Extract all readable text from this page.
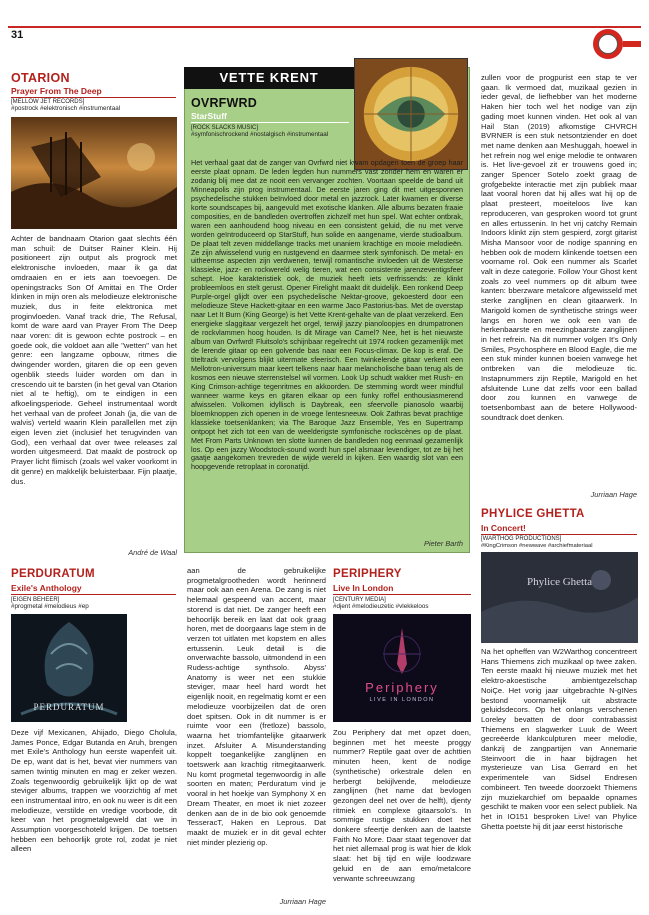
31
OTARION
Prayer From The Deep
[MELLOW JET RECORDS]
#postrock #elektronisch #instrumentaal
Achter de bandnaam Otarion gaat slechts één man schuil: de Duitser Rainer Klein. Hij positioneert zijn output als progrock met elektronische invloeden, maar ik ga dat omdraaien en er iets aan toevoegen. De openingstracks Son Of Amittai en The Order klinken in mijn oren als melodieuze elektronische muziek, dus in feite elektronica met proginvloeden. Vanaf track drie, The Refusal, komt de ware aard van Prayer From The Deep naar voren: dit is gewoon echte postrock – en goede ook, die voldoet aan alle "wetten" van het genre: een langzame opbouw, ritmes die dwingender worden, gitaren die op een geven ogenblik steeds luider worden om dan in crescendo uit te barsten (in het geval van Otarion niet al te heftig), om te eindigen in een afkoelingsperiode. Geheel instrumentaal wordt het verhaal van de profeet Jonah (ja, die van de walvis) verteld waarin Klein parallellen met zijn eigen leven ziet (inclusief het terugvinden van God), een verhaal dat over twee releases zal worden uitgesmeerd. Dat maakt de postrock op Prayer licht flimisch (zoals wel vaker voorkomt in dit genre) en makkelijk beluisterbaar. Fijn plaatje, dus.
André de Waal
VETTE KRENT
OVRFWRD
StarStuff
[ROCK SLACKS MUSIC]
#symfonischrockend #nostalgisch #instrumentaal
Het verhaal gaat dat de zanger van Ovrfwrd niet kwam opdagen toen de groep haar eerste plaat opnam. De leden legden hun nummers vast zonder hem en waren er zodanig blij mee dat ze nooit een vervanger zochten. Voortaan speelde de band uit Minneapolis zijn prog instrumentaal. De eerste jaren ging dit met uitgesponnen psychedelische stukken beïnvloed door metal en jazzrock. Later kwamen er diverse korte soundscapes bij, aangevuld met exotische klanken. Alle albums bezaten fraaie composities, en de bandleden overtroffen zichzelf met hun spel. Wat echter ontbrak, waren een aanhoudend hoog niveau en een consistent geluid, die nu met verve worden geïntroduceerd op StarStuff, hun solide en aangename, vierde studioalbum. De plaat telt zeven middellange tracks met unaniem krachtige en mooie melodieën. Ze zijn afwisselend vurig en rustgevend en daarmee sterk symfonisch. De metal- en uitheemse aspecten zijn verdwenen, terwijl romantische invloeden uit de Westerse klassieke, jazz- en rockwereld welig tieren, wat een consistente jarenzeventigsfeer schept. Hoe karakteristiek ook, de muziek heeft iets verfrissends: ze klinkt probleemloos en stelt gerust. Opener Firelight maakt dit duidelijk. Een ronkend Deep Purple-orgel glijdt over een psychedelische Nektar-groove, gekoesterd door een melodieuze Steve Hackett-gitaar en een warme Jaco Pastorius-bas. Met de overstap naar Let It Burn (King George) is het Vette Krent-gehalte van de plaat verzekerd. Een energieke slaggitaar vergezelt het orgel, terwijl jazzy pianoloopjes en drumpatronen de rockvlammen hoog houden. Is dit Mirage van Camel? Nee, het is het nieuwste album van Ovrfwrd! Fluitsolo's schijnbaar regelrecht uit 1974 rocken gezamenlijk met de lerende gitaar op een golvende bas naar een Focus-climax. De kop is eraf. De titeltrack vervolgens blijkt uitermate sfeerisch. Een twinkelende gitaar verkent een Mellotron-universum maar keert telkens naar haar melancholische baan terug als de kosmos een nieuwe sterrenstelsel wil vormen. Look Up schudt wakker met Rush- en King Crimson-achtige tegenritmes en akkoorden. De stemming wordt weer mindful wanneer warme keys en gitaren elkaar op een funky roffel enthousiasmerend afwisselen. Volkomen idyllisch is Daybreak, een sfeervolle pianosolo waarbij bloemknoppen zich openen in de vroege lentesneeuw. Ook Zathras bevat prachtige klassieke toetsenklanken; via The Baroque Jazz Ensemble, Yes en Supertramp ontpopt het zich tot een van de weelderigste symfonische rockscènes op de plaat. Met From Parts Unknown ten slotte kunnen de bandleden nog eenmaal gezamenlijk los. Op een jazzy Woodstock-sound wordt hun spel alsmaar levendiger, tot ze bij het gaatje aangekomen trevreden de wijde wereld in kijken. Een waardig slot van een hoopgevende retroplaat in coronatijd.
Pieter Barth
zullen voor de progpurist een stap te ver gaan. Ik vermoed dat, muzikaal gezien in ieder geval, de liefhebber van het moderne Haken hier toch wel het nodige van zijn gading moet kunnen vinden. Het ook al van Hail Stan (2019) afkomstige CHVRCH BVRNER is een stuk netsontziender en doet met name denken aan Meshuggah, hoewel in het refrein nog wel enige melodie te ontwaren is. Het live-gevoel zit er trouwens goed in; zanger Spencer Sotelo zoekt graag de grofgebekte interactie met zijn publiek maar laat vooral horen dat hij alles wat hij op de plaat presteert, moeiteloos live kan reproduceren, van gesproken woord tot grunt en alles ertussenin. In het vrij catchy Remain Indoors klinkt zijn stem gespierd, zorgt gitarist Misha Mansoor voor de nodige spanning en hebben ook de modern klinkende toetsen een voorname rol. Ook een nummer als Scarlet valt in deze categorie. Follow Your Ghost kent zoals zo veel nummers op dit album twee kanten: bberzware metalcore afgewisseld met sterke zanglijnen en clean gitaarwerk. In Marigold komen de synthetische strings weer langs en horen we ook een van de herkenbaarste en meezingbaarste zanglijnen in het refrein. Na dit nummer volgen It's Only Smiles, Psychosphere en Blood Eagle, die me een stuk minder kunnen boeien vanwege het ontbreken van die melodieuze tic. Instapnummers zijn Reptile, Marigold en het afsluitende Lune dat zelfs voor een ballad door zou kunnen en vanwege de toetsenbombast aan de betere Hollywood-soundtrack doet denken.
Jurriaan Hage
PHYLICE GHETTA
In Concert!
[WARTHOG PRODUCTIONS]
#KingCrimson #newwave #archiefmateriaal
Phylice Ghetta
Na het opheffen van W2Warthog concentreert Hans Thiemens zich muzikaal op twee zaken. Ten eerste maakt hij nieuwe muziek met het elektro-akoestische ambientgezelschap NoiÇe. Het vorig jaar uitgebrachte N-gINes bestond voornamelijk uit abstracte geluidsdecors. Op het onlangs verschenen Loreley bevatten de door contrabassist Thiemens en slagwerker Luuk de Weert gecreëerde klankculpturen meer melodie, dankzij de zangpartijen van Annemarie Steinvoort die in haar bijdragen het mysterieuze van Lisa Gerrard en het experimentele van Sidsel Endresen combineert. Ten tweede doorzoekt Thiemens zijn muziekarchief om bepaalde opnames geschikt te maken voor een select publiek. Na het in IO151 besproken Live! van Phylice Ghetta poetste hij dit jaar eerst historische
PERDURATUM
Exile's Anthology
[EIGEN BEHEER]
#progmetal #melodieus #ep
PERDURATUM
Deze vijf Mexicanen, Ahijado, Diego Cholula, James Ponce, Edgar Butanda en Aruh, brengen met Exile's Anthology hun eerste wapenfeit uit. De ep, want dat is het, bevat vier nummers van samen twintig minuten en mag er zeker wezen. Zoals tegenwoordig gebruikelijk lijkt op de wat steviger albums, trappen we voorzichtig af met een instrumentaal intro, en ook nu weer is dit een melodieuze, verstilde en vredige voorbode, dit keer van het progmetalgeweld dat we in Assumption voorgeschoteld krijgen. De toetsen hebben een behoorlijk grote rol, zodat je niet alleen
aan de gebruikelijke progmetalgrootheden wordt herinnerd maar ook aan een Arena. De zang is niet helemaal gespeend van accent, maar storend is dat niet. De zanger heeft een behoorlijk bereik en laat dat ook graag horen, met de doorgaans lage stem in de verzen tot uitlaten met kopstem en alles ertussenin. Leuk detail is die onverwachte bassolo, uitmondend in een Rudess-achtige synthsolo. Abyss' Anatomy is weer net een stukkie steviger, maar heel hard wordt het eigenlijk nooit, en regelmatig komt er een melodieuze voorbijzeilen dat de oren doet spitsen. Ook in dit nummer is er ruimte voor een (fretloze) bassolo, waarna het triomfantelijke gitaarwerk inzet. Afsluiter A Misunderstanding koppelt toegankelijke zanglijnen en toetswerk aan krachtig ritmegitaarwerk. Nu komt progmetal tegenwoordig in alle soorten en maten; Perduratum vind je vooral in het hoekje van Symphony X en Dream Theater, en moet ik niet zozeer denken aan de in de bio ook genoemde TesseracT, Haken en Leprous. Dat maakt de muziek er in dit geval echter niet minder plezierig op.
Jurriaan Hage
PERIPHERY
Live In London
[CENTURY MEDIA]
#djent #melodieuzetic #vlekkeloos
Periphery
LIVE IN LONDON
Zou Periphery dat met opzet doen, beginnen met het meeste proggy nummer? Reptile gaat over de achttien minuten heen, kent de nodige (synthetische) orkestrale delen en herbergt bekijlvende, melodieuze zanglijnen (het name dat bevlogen gezongen deel net over de helft), djenty ritmiek en complexe gitaarsolo's. In sommige rustige stukken doet het donkere sfeertje denken aan de laatste Faith No More. Daar staat tegenover dat het niet allemaal prog is wat hier de klok slaat: het bij tijd en wijle loodzware geluid en de aan emo/metalcore verwante schreeuwzang
